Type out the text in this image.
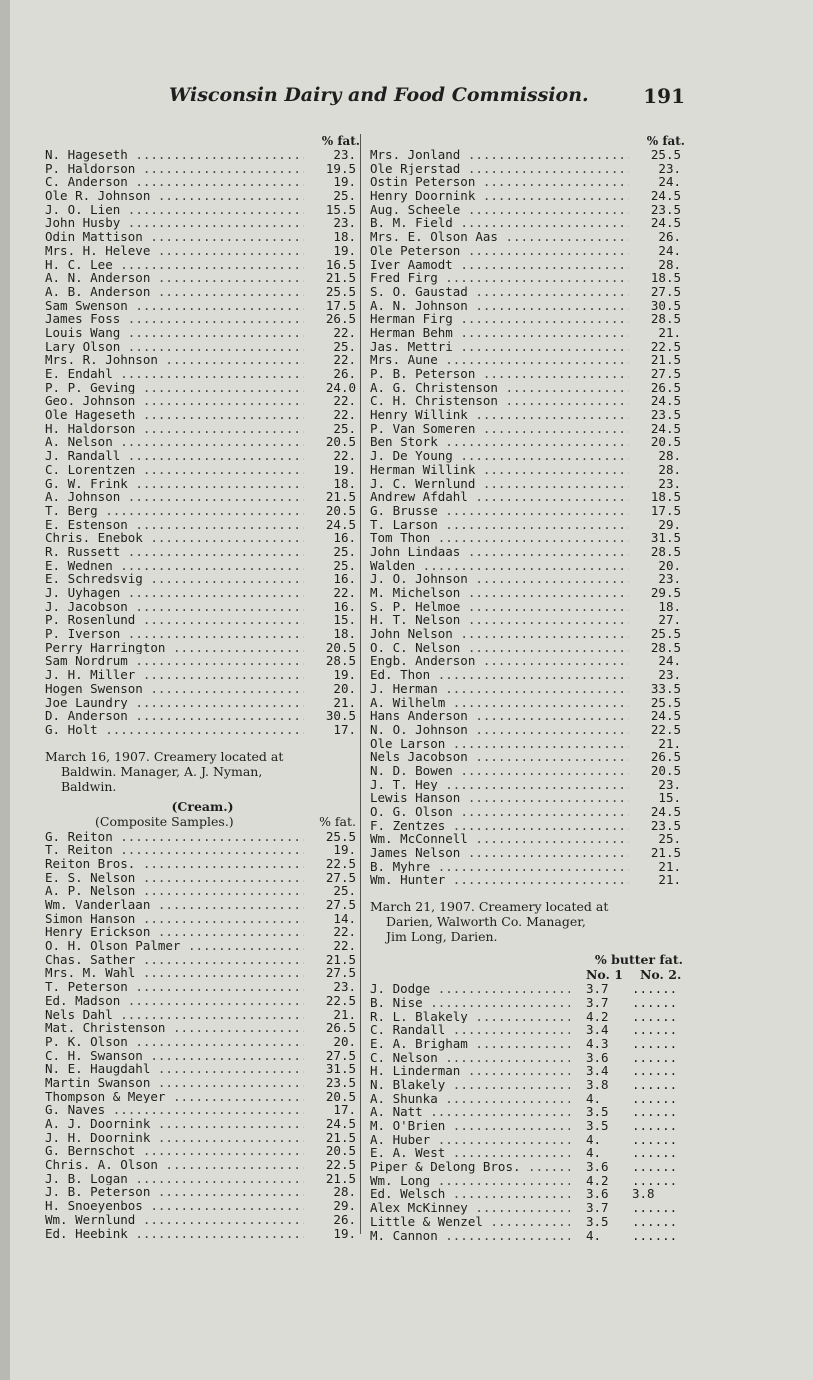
Wisconsin Dairy and Food Commission.	191
% fat.
N. Hageseth .....	23.
P. Haldorson .....	19.5
C. Anderson .....	19.
Ole R. Johnson .....	25.
J. O. Lien .....	15.5
John Husby .....	23.
Odin Mattison .....	18.
Mrs. H. Heleve .....	19.
H. C. Lee .....	16.5
A. N. Anderson .....	21.5
A. B. Anderson .....	25.5
Sam Swenson .....	17.5
James Foss .....	26.5
Louis Wang .....	22.
Lary Olson .....	25.
Mrs. R. Johnson .....	22.
E. Endahl .....	26.
P. P. Geving .....	24.0
Geo. Johnson .....	22.
Ole Hageseth .....	22.
H. Haldorson .....	25.
A. Nelson .....	20.5
J. Randall .....	22.
C. Lorentzen .....	19.
G. W. Frink .....	18.
A. Johnson .....	21.5
T. Berg .....	20.5
E. Estenson .....	24.5
Chris. Enebok .....	16.
R. Russett .....	25.
E. Wednen .....	25.
E. Schredsvig .....	16.
J. Uyhagen .....	22.
J. Jacobson .....	16.
P. Rosenlund .....	15.
P. Iverson .....	18.
Perry Harrington .....	20.5
Sam Nordrum .....	28.5
J. H. Miller .....	19.
Hogen Swenson .....	20.
Joe Laundry .....	21.
D. Anderson .....	30.5
G. Holt .....	17.
March 16, 1907. Creamery located at
Baldwin. Manager, A. J. Nyman,
Baldwin.
(Cream.)
(Composite Samples.)	% fat.
G. Reiton .....	25.5
T. Reiton .....	19.
Reiton Bros. .....	22.5
E. S. Nelson .....	27.5
A. P. Nelson .....	25.
Wm. Vanderlaan .....	27.5
Simon Hanson .....	14.
Henry Erickson .....	22.
O. H. Olson Palmer .....	22.
Chas. Sather .....	21.5
Mrs. M. Wahl .....	27.5
T. Peterson .....	23.
Ed. Madson .....	22.5
Nels Dahl .....	21.
Mat. Christenson .....	26.5
P. K. Olson .....	20.
C. H. Swanson .....	27.5
N. E. Haugdahl .....	31.5
Martin Swanson .....	23.5
Thompson & Meyer .....	20.5
G. Naves .....	17.
A. J. Doornink .....	24.5
J. H. Doornink .....	21.5
G. Bernschot .....	20.5
Chris. A. Olson .....	22.5
J. B. Logan .....	21.5
J. B. Peterson .....	28.
H. Snoeyenbos .....	29.
Wm. Wernlund .....	26.
Ed. Heebink .....	19.
% fat.
Mrs. Jonland .....	25.5
Ole Rjerstad .....	23.
Ostin Peterson .....	24.
Henry Doornink .....	24.5
Aug. Scheele .....	23.5
B. M. Field .....	24.5
Mrs. E. Olson Aas .....	26.
Ole Peterson .....	24.
Iver Aamodt .....	28.
Fred Firg .....	18.5
S. O. Gaustad .....	27.5
A. N. Johnson .....	30.5
Herman Firg .....	28.5
Herman Behm .....	21.
Jas. Mettri .....	22.5
Mrs. Aune .....	21.5
P. B. Peterson .....	27.5
A. G. Christenson .....	26.5
C. H. Christenson .....	24.5
Henry Willink .....	23.5
P. Van Someren .....	24.5
Ben Stork .....	20.5
J. De Young .....	28.
Herman Willink .....	28.
J. C. Wernlund .....	23.
Andrew Afdahl .....	18.5
G. Brusse .....	17.5
T. Larson .....	29.
Tom Thon .....	31.5
John Lindaas .....	28.5
Walden .....	20.
J. O. Johnson .....	23.
M. Michelson .....	29.5
S. P. Helmoe .....	18.
H. T. Nelson .....	27.
John Nelson .....	25.5
O. C. Nelson .....	28.5
Engb. Anderson .....	24.
Ed. Thon .....	23.
J. Herman .....	33.5
A. Wilhelm .....	25.5
Hans Anderson .....	24.5
N. O. Johnson .....	22.5
Ole Larson .....	21.
Nels Jacobson .....	26.5
N. D. Bowen .....	20.5
J. T. Hey .....	23.
Lewis Hanson .....	15.
O. G. Olson .....	24.5
F. Zentzes .....	23.5
Wm. McConnell .....	25.
James Nelson .....	21.5
B. Myhre .....	21.
Wm. Hunter .....	21.
March 21, 1907. Creamery located at
Darien, Walworth Co. Manager,
Jim Long, Darien.
% butter fat.
No. 1 No. 2.
J. Dodge .....	3.7 ......
B. Nise .....	3.7 ......
R. L. Blakely .....	4.2 ......
C. Randall .....	3.4 ......
E. A. Brigham .....	4.3 ......
C. Nelson .....	3.6 ......
H. Linderman .....	3.4 ......
N. Blakely .....	3.8 ......
A. Shunka .....	4. ......
A. Natt .....	3.5 ......
M. O'Brien .....	3.5 ......
A. Huber .....	4. ......
E. A. West .....	4. ......
Piper & Delong Bros. .....	3.6 ......
Wm. Long .....	4.2 ......
Ed. Welsch .....	3.6 3.8
Alex McKinney .....	3.7 ......
Little & Wenzel .....	3.5 ......
M. Cannon .....	4. ......
